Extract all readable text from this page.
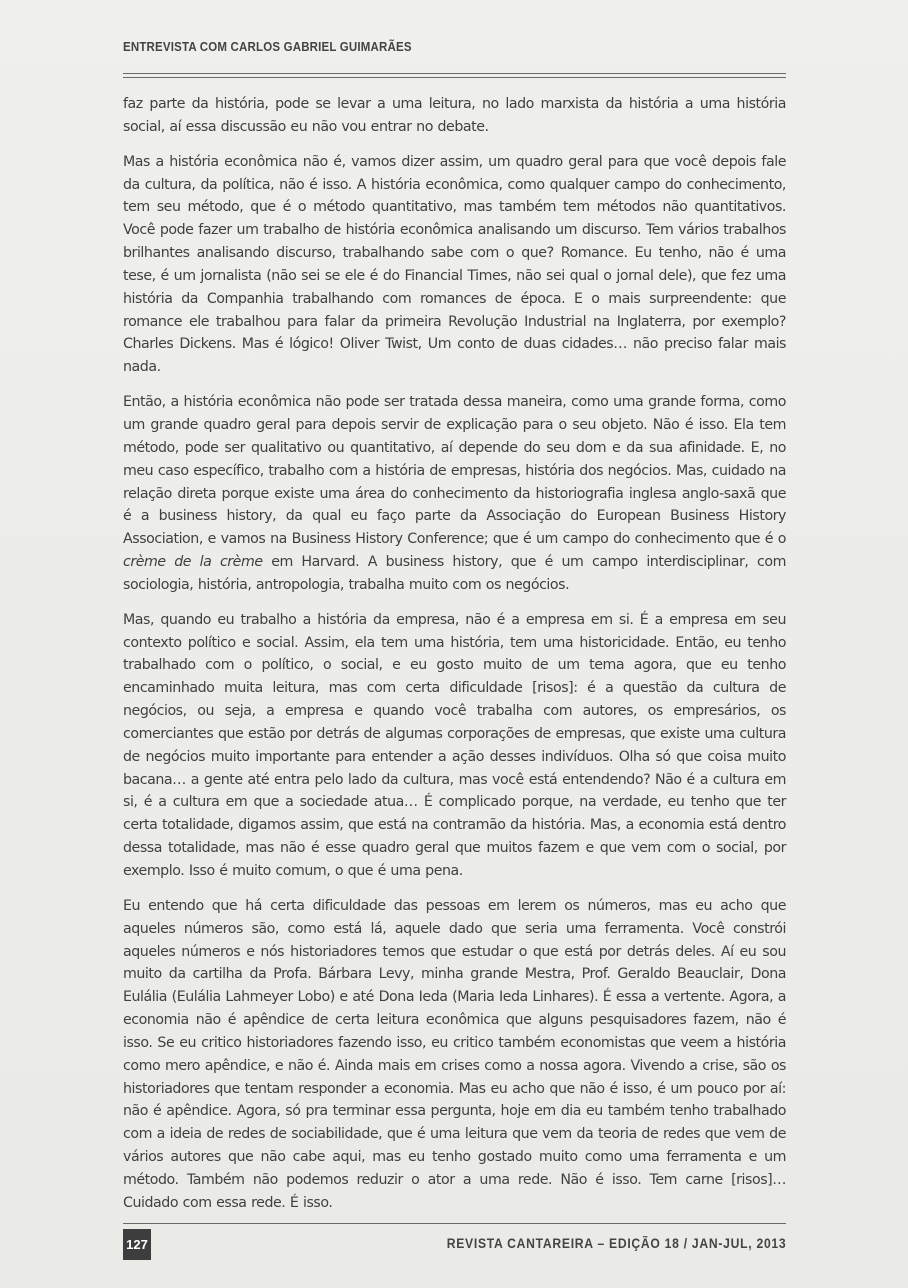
ENTREVISTA COM CARLOS GABRIEL GUIMARÃES

faz parte da história, pode se levar a uma leitura, no lado marxista da história a uma história social, aí essa discussão eu não vou entrar no debate.

Mas a história econômica não é, vamos dizer assim, um quadro geral para que você depois fale da cultura, da política, não é isso. A história econômica, como qualquer campo do conhecimento, tem seu método, que é o método quantitativo, mas também tem métodos não quantitativos. Você pode fazer um trabalho de história econômica analisando um discurso. Tem vários trabalhos brilhantes analisando discurso, trabalhando sabe com o que? Romance. Eu tenho, não é uma tese, é um jornalista (não sei se ele é do Financial Times, não sei qual o jornal dele), que fez uma história da Companhia trabalhando com romances de época. E o mais surpreendente: que romance ele trabalhou para falar da primeira Revolução Industrial na Inglaterra, por exemplo? Charles Dickens. Mas é lógico! Oliver Twist, Um conto de duas cidades… não preciso falar mais nada.

Então, a história econômica não pode ser tratada dessa maneira, como uma grande forma, como um grande quadro geral para depois servir de explicação para o seu objeto. Não é isso. Ela tem método, pode ser qualitativo ou quantitativo, aí depende do seu dom e da sua afinidade. E, no meu caso específico, trabalho com a história de empresas, história dos negócios. Mas, cuidado na relação direta porque existe uma área do conhecimento da historiografia inglesa anglo-saxã que é a business history, da qual eu faço parte da Associação do European Business History Association, e vamos na Business History Conference; que é um campo do conhecimento que é o crème de la crème em Harvard. A business history, que é um campo interdisciplinar, com sociologia, história, antropologia, trabalha muito com os negócios.

Mas, quando eu trabalho a história da empresa, não é a empresa em si. É a empresa em seu contexto político e social. Assim, ela tem uma história, tem uma historicidade. Então, eu tenho trabalhado com o político, o social, e eu gosto muito de um tema agora, que eu tenho encaminhado muita leitura, mas com certa dificuldade [risos]: é a questão da cultura de negócios, ou seja, a empresa e quando você trabalha com autores, os empresários, os comerciantes que estão por detrás de algumas corporações de empresas, que existe uma cultura de negócios muito importante para entender a ação desses indivíduos. Olha só que coisa muito bacana… a gente até entra pelo lado da cultura, mas você está entendendo? Não é a cultura em si, é a cultura em que a sociedade atua… É complicado porque, na verdade, eu tenho que ter certa totalidade, digamos assim, que está na contramão da história. Mas, a economia está dentro dessa totalidade, mas não é esse quadro geral que muitos fazem e que vem com o social, por exemplo. Isso é muito comum, o que é uma pena.

Eu entendo que há certa dificuldade das pessoas em lerem os números, mas eu acho que aqueles números são, como está lá, aquele dado que seria uma ferramenta. Você constrói aqueles números e nós historiadores temos que estudar o que está por detrás deles. Aí eu sou muito da cartilha da Profa. Bárbara Levy, minha grande Mestra, Prof. Geraldo Beauclair, Dona Eulália (Eulália Lahmeyer Lobo) e até Dona Ieda (Maria Ieda Linhares). É essa a vertente. Agora, a economia não é apêndice de certa leitura econômica que alguns pesquisadores fazem, não é isso. Se eu critico historiadores fazendo isso, eu critico também economistas que veem a história como mero apêndice, e não é. Ainda mais em crises como a nossa agora. Vivendo a crise, são os historiadores que tentam responder a economia. Mas eu acho que não é isso, é um pouco por aí: não é apêndice. Agora, só pra terminar essa pergunta, hoje em dia eu também tenho trabalhado com a ideia de redes de sociabilidade, que é uma leitura que vem da teoria de redes que vem de vários autores que não cabe aqui, mas eu tenho gostado muito como uma ferramenta e um método. Também não podemos reduzir o ator a uma rede. Não é isso. Tem carne [risos]… Cuidado com essa rede. É isso.

127	REVISTA CANTAREIRA – EDIÇÃO 18 / JAN-JUL, 2013
